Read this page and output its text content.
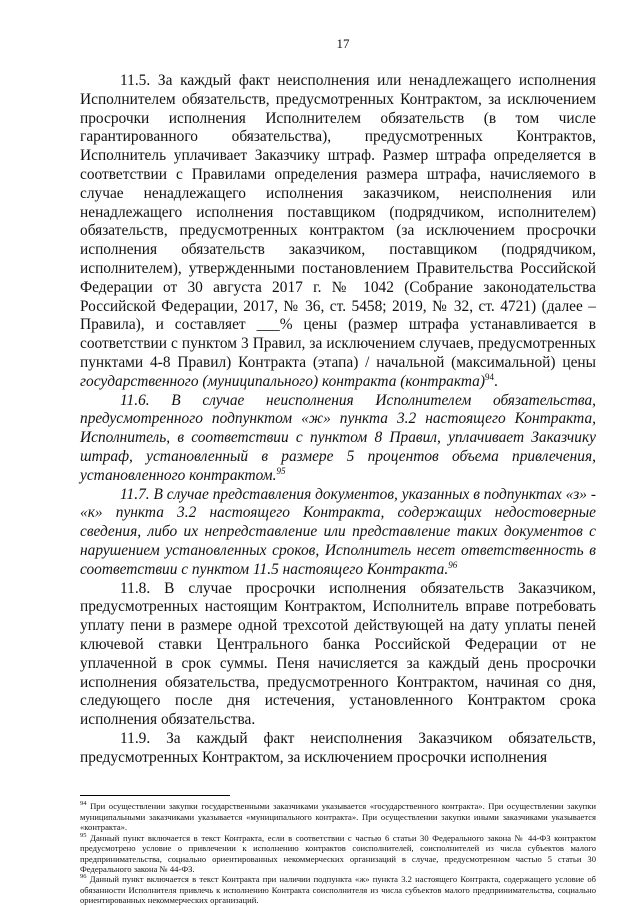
17

11.5. За каждый факт неисполнения или ненадлежащего исполнения Исполнителем обязательств, предусмотренных Контрактом, за исключением просрочки исполнения Исполнителем обязательств (в том числе гарантированного обязательства), предусмотренных Контрактов, Исполнитель уплачивает Заказчику штраф. Размер штрафа определяется в соответствии с Правилами определения размера штрафа, начисляемого в случае ненадлежащего исполнения заказчиком, неисполнения или ненадлежащего исполнения поставщиком (подрядчиком, исполнителем) обязательств, предусмотренных контрактом (за исключением просрочки исполнения обязательств заказчиком, поставщиком (подрядчиком, исполнителем), утвержденными постановлением Правительства Российской Федерации от 30 августа 2017 г. № 1042 (Собрание законодательства Российской Федерации, 2017, № 36, ст. 5458; 2019, № 32, ст. 4721) (далее – Правила), и составляет ___% цены (размер штрафа устанавливается в соответствии с пунктом 3 Правил, за исключением случаев, предусмотренных пунктами 4-8 Правил) Контракта (этапа) / начальной (максимальной) цены государственного (муниципального) контракта (контракта)$^{94}$.

11.6. В случае неисполнения Исполнителем обязательства, предусмотренного подпунктом «ж» пункта 3.2 настоящего Контракта, Исполнитель, в соответствии с пунктом 8 Правил, уплачивает Заказчику штраф, установленный в размере 5 процентов объема привлечения, установленного контрактом.$^{95}$

11.7. В случае представления документов, указанных в подпунктах «з» - «к» пункта 3.2 настоящего Контракта, содержащих недостоверные сведения, либо их непредставление или представление таких документов с нарушением установленных сроков, Исполнитель несет ответственность в соответствии с пунктом 11.5 настоящего Контракта.$^{96}$

11.8. В случае просрочки исполнения обязательств Заказчиком, предусмотренных настоящим Контрактом, Исполнитель вправе потребовать уплату пени в размере одной трехсотой действующей на дату уплаты пеней ключевой ставки Центрального банка Российской Федерации от не уплаченной в срок суммы. Пеня начисляется за каждый день просрочки исполнения обязательства, предусмотренного Контрактом, начиная со дня, следующего после дня истечения, установленного Контрактом срока исполнения обязательства.

11.9. За каждый факт неисполнения Заказчиком обязательств, предусмотренных Контрактом, за исключением просрочки исполнения

$^{94}$ При осуществлении закупки государственными заказчиками указывается «государственного контракта». При осуществлении закупки муниципальными заказчиками указывается «муниципального контракта». При осуществлении закупки иными заказчиками указывается «контракта».

$^{95}$ Данный пункт включается в текст Контракта, если в соответствии с частью 6 статьи 30 Федерального закона № 44-ФЗ контрактом предусмотрено условие о привлечении к исполнению контрактов соисполнителей, соисполнителей из числа субъектов малого предпринимательства, социально ориентированных некоммерческих организаций в случае, предусмотренном частью 5 статьи 30 Федерального закона № 44-ФЗ.

$^{96}$ Данный пункт включается в текст Контракта при наличии подпункта «ж» пункта 3.2 настоящего Контракта, содержащего условие об обязанности Исполнителя привлечь к исполнению Контракта соисполнителя из числа субъектов малого предпринимательства, социально ориентированных некоммерческих организаций.
